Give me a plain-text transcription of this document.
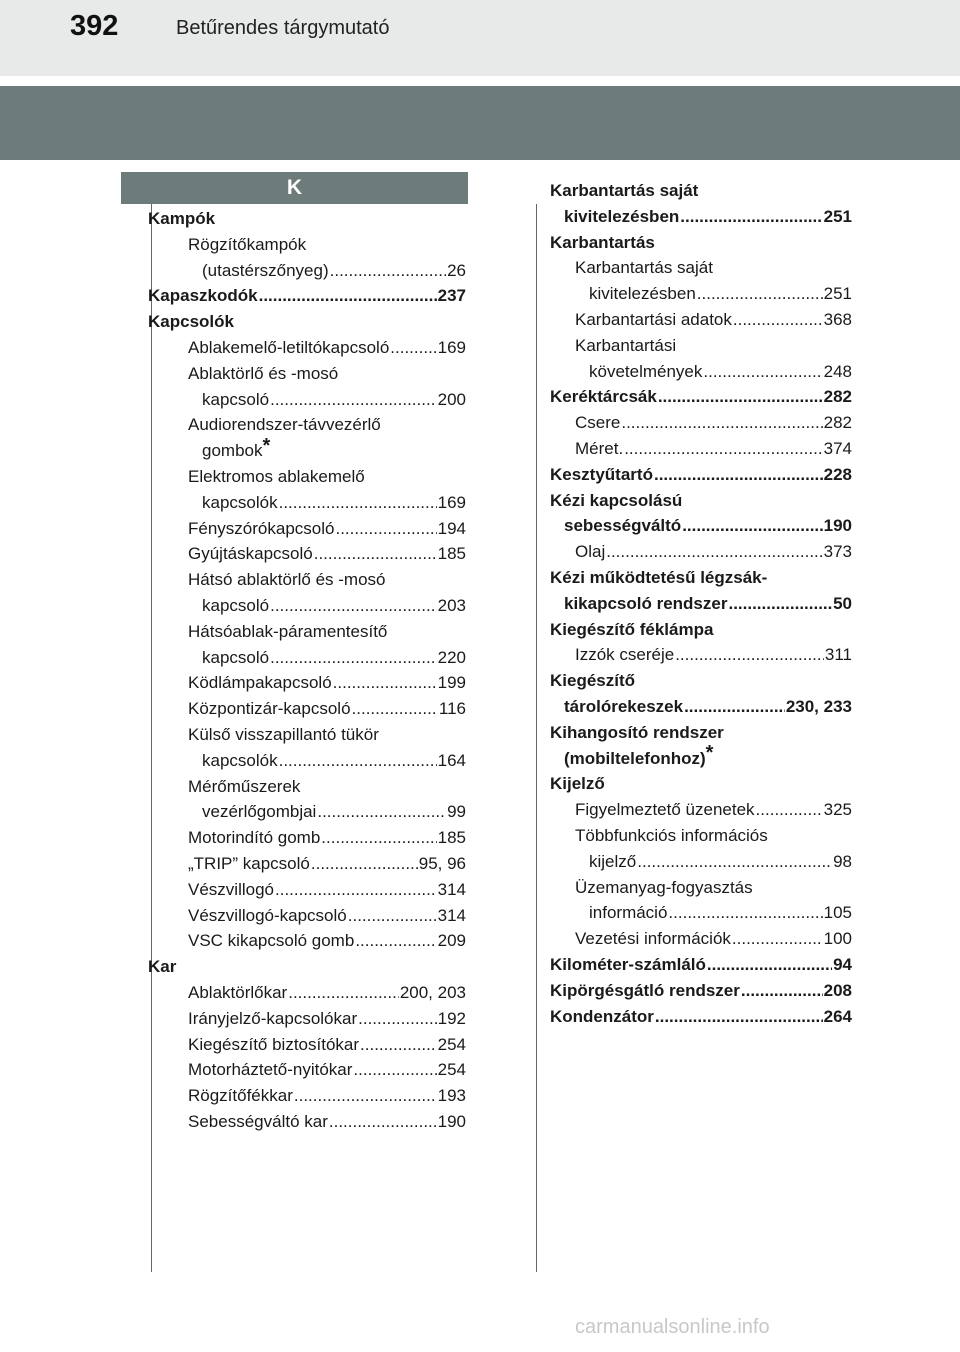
392	Betűrendes tárgymutató
K
Kampók
Rögzítőkampók
(utastérszőnyeg) .....	26
Kapaszkodók .....	237
Kapcsolók
Ablakemelő-letiltókapcsoló .....	169
Ablaktörlő és -mosó
kapcsoló .....	200
Audiorendszer-távvezérlő
gombok*
Elektromos ablakemelő
kapcsolók .....	169
Fényszórókapcsoló .....	194
Gyújtáskapcsoló .....	185
Hátsó ablaktörlő és -mosó
kapcsoló .....	203
Hátsóablak-páramentesítő
kapcsoló .....	220
Ködlámpakapcsoló .....	199
Központizár-kapcsoló .....	116
Külső visszapillantó tükör
kapcsolók .....	164
Mérőműszerek
vezérlőgombjai .....	99
Motorindító gomb .....	185
„TRIP” kapcsoló .....	95, 96
Vészvillogó .....	314
Vészvillogó-kapcsoló .....	314
VSC kikapcsoló gomb .....	209
Kar
Ablaktörlőkar .....	200, 203
Irányjelző-kapcsolókar .....	192
Kiegészítő biztosítókar .....	254
Motorháztető-nyitókar .....	254
Rögzítőfékkar .....	193
Sebességváltó kar .....	190
Karbantartás saját
kivitelezésben .....	251
Karbantartás
Karbantartás saját
kivitelezésben .....	251
Karbantartási adatok .....	368
Karbantartási
követelmények .....	248
Keréktárcsák .....	282
Csere .....	282
Méret. .....	374
Kesztyűtartó .....	228
Kézi kapcsolású
sebességváltó .....	190
Olaj .....	373
Kézi működtetésű légzsák-
kikapcsoló rendszer .....	50
Kiegészítő féklámpa
Izzók cseréje .....	311
Kiegészítő
tárolórekeszek .....	230, 233
Kihangosító rendszer
(mobiltelefonhoz)*
Kijelző
Figyelmeztető üzenetek .....	325
Többfunkciós információs
kijelző .....	98
Üzemanyag-fogyasztás
információ .....	105
Vezetési információk .....	100
Kilométer-számláló .....	94
Kipörgésgátló rendszer .....	208
Kondenzátor .....	264
carmanualsonline.info
